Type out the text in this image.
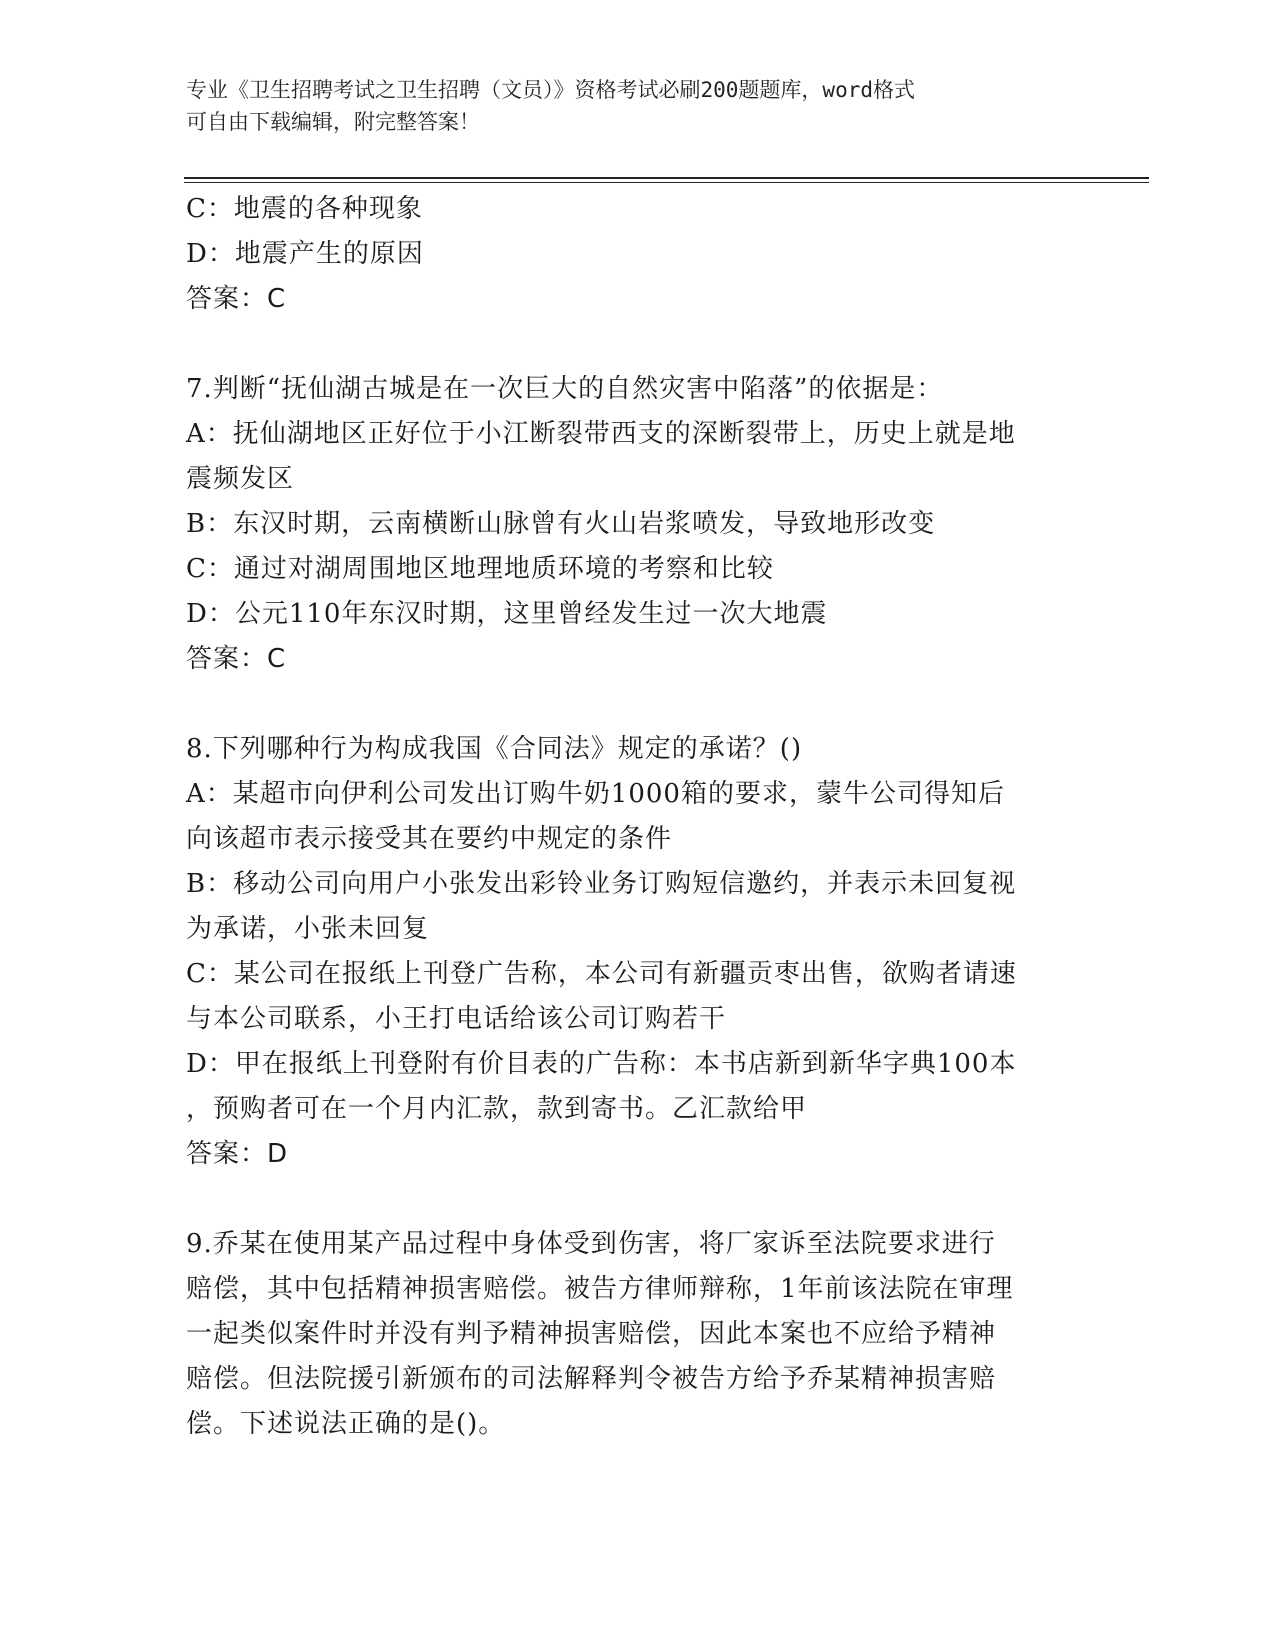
专业《卫生招聘考试之卫生招聘（文员）》资格考试必刷200题题库，word格式
可自由下载编辑，附完整答案！
C：地震的各种现象
D：地震产生的原因
答案：C
7.判断“抚仙湖古城是在一次巨大的自然灾害中陷落”的依据是：
A：抚仙湖地区正好位于小江断裂带西支的深断裂带上，历史上就是地
震频发区
B：东汉时期，云南横断山脉曾有火山岩浆喷发，导致地形改变
C：通过对湖周围地区地理地质环境的考察和比较
D：公元110年东汉时期，这里曾经发生过一次大地震
答案：C
8.下列哪种行为构成我国《合同法》规定的承诺？()
A：某超市向伊利公司发出订购牛奶1000箱的要求，蒙牛公司得知后
向该超市表示接受其在要约中规定的条件
B：移动公司向用户小张发出彩铃业务订购短信邀约，并表示未回复视
为承诺，小张未回复
C：某公司在报纸上刊登广告称，本公司有新疆贡枣出售，欲购者请速
与本公司联系，小王打电话给该公司订购若干
D：甲在报纸上刊登附有价目表的广告称：本书店新到新华字典100本
，预购者可在一个月内汇款，款到寄书。乙汇款给甲
答案：D
9.乔某在使用某产品过程中身体受到伤害，将厂家诉至法院要求进行
赔偿，其中包括精神损害赔偿。被告方律师辩称，1年前该法院在审理
一起类似案件时并没有判予精神损害赔偿，因此本案也不应给予精神
赔偿。但法院援引新颁布的司法解释判令被告方给予乔某精神损害赔
偿。下述说法正确的是()。
